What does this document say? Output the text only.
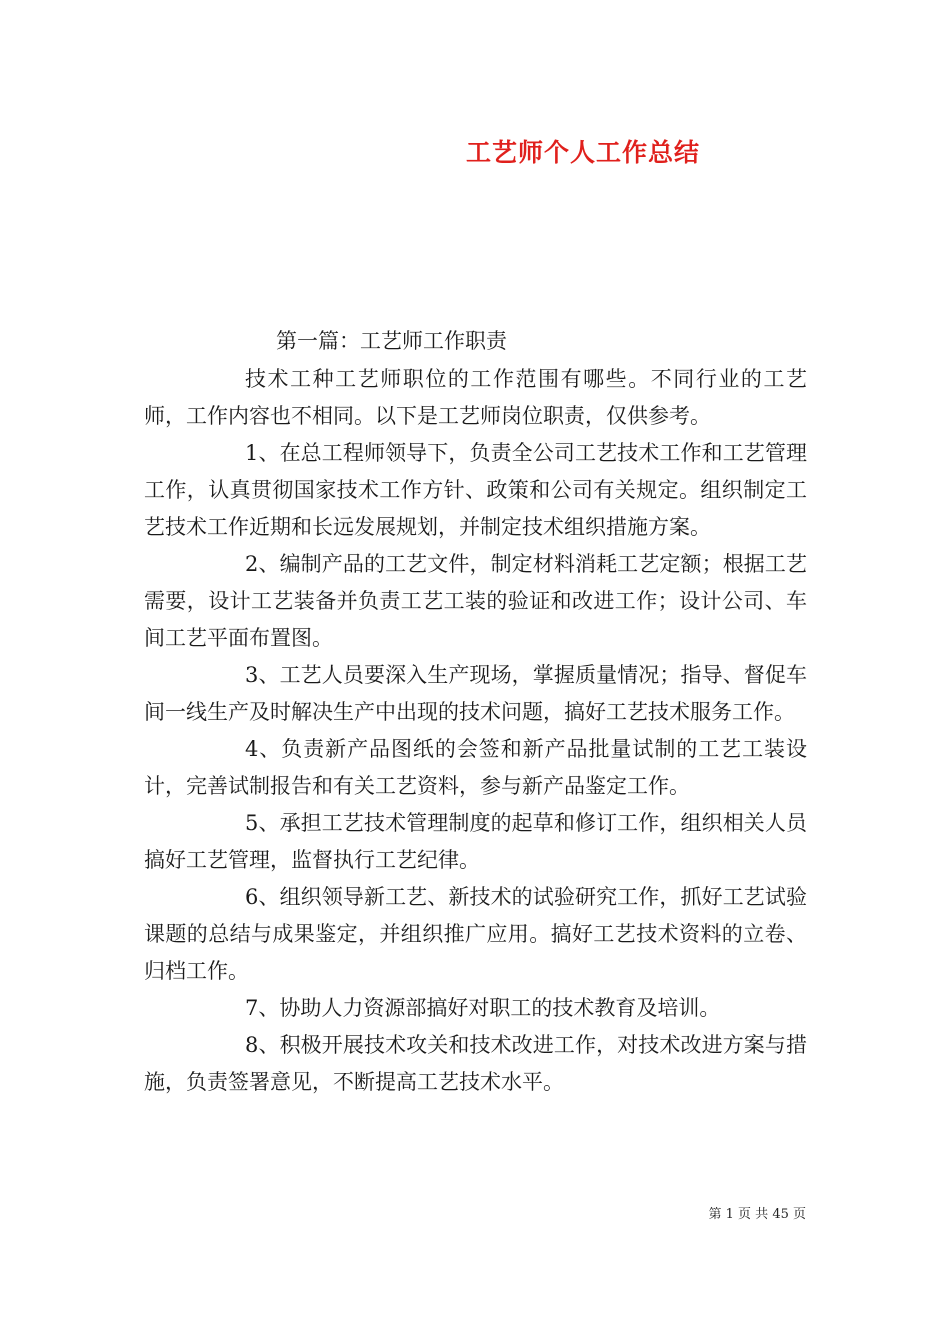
工艺师个人工作总结
第一篇：工艺师工作职责

技术工种工艺师职位的工作范围有哪些。不同行业的工艺师，工作内容也不相同。以下是工艺师岗位职责，仅供参考。

1、在总工程师领导下，负责全公司工艺技术工作和工艺管理工作，认真贯彻国家技术工作方针、政策和公司有关规定。组织制定工艺技术工作近期和长远发展规划，并制定技术组织措施方案。

2、编制产品的工艺文件，制定材料消耗工艺定额；根据工艺需要，设计工艺装备并负责工艺工装的验证和改进工作；设计公司、车间工艺平面布置图。

3、工艺人员要深入生产现场，掌握质量情况；指导、督促车间一线生产及时解决生产中出现的技术问题，搞好工艺技术服务工作。

4、负责新产品图纸的会签和新产品批量试制的工艺工装设计，完善试制报告和有关工艺资料，参与新产品鉴定工作。

5、承担工艺技术管理制度的起草和修订工作，组织相关人员搞好工艺管理，监督执行工艺纪律。

6、组织领导新工艺、新技术的试验研究工作，抓好工艺试验课题的总结与成果鉴定，并组织推广应用。搞好工艺技术资料的立卷、归档工作。

7、协助人力资源部搞好对职工的技术教育及培训。

8、积极开展技术攻关和技术改进工作，对技术改进方案与措施，负责签署意见，不断提高工艺技术水平。

第 1 页 共 45 页
